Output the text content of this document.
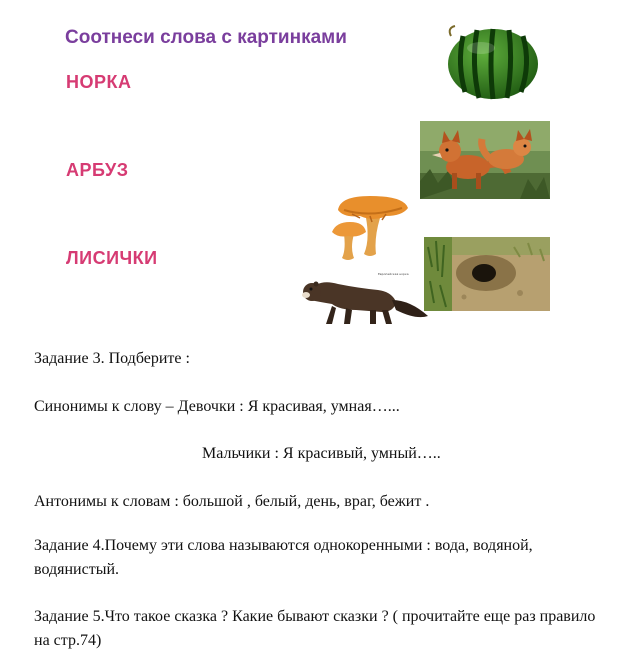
Соотнеси слова с картинками
НОРКА
АРБУЗ
ЛИСИЧКИ
Европейская норка
Задание 3. Подберите :
Синонимы к слову – Девочки : Я красивая, умная…...
Мальчики : Я красивый, умный…..
Антонимы к словам : большой , белый, день, враг, бежит .
Задание 4.Почему эти слова называются однокоренными : вода, водяной, водянистый.
Задание 5.Что такое сказка ? Какие бывают сказки ? ( прочитайте еще раз правило на стр.74)
